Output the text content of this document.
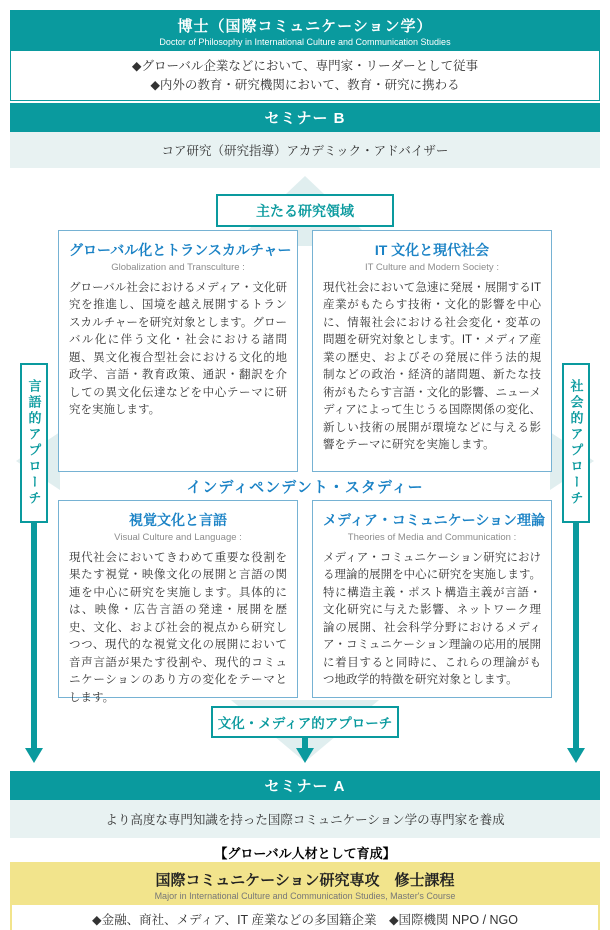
博士（国際コミュニケーション学）
Doctor of Philosophy in International Culture and Communication Studies
◆グローバル企業などにおいて、専門家・リーダーとして従事
◆内外の教育・研究機関において、教育・研究に携わる
セミナー B
コア研究（研究指導）アカデミック・アドバイザー
主たる研究領域
グローバル化とトランスカルチャー
Globalization and Transculture :
グローバル社会におけるメディア・文化研究を推進し、国境を越え展開するトランスカルチャーを研究対象とします。グローバル化に伴う文化・社会における諸問題、異文化複合型社会における文化的地政学、言語・教育政策、通訳・翻訳を介しての異文化伝達などを中心テーマに研究を実施します。
IT 文化と現代社会
IT Culture and Modern Society :
現代社会において急速に発展・展開するIT産業がもたらす技術・文化的影響を中心に、情報社会における社会変化・変革の問題を研究対象とします。IT・メディア産業の歴史、およびその発展に伴う法的規制などの政治・経済的諸問題、新たな技術がもたらす言語・文化的影響、ニューメディアによって生じうる国際関係の変化、新しい技術の展開が環境などに与える影響をテーマに研究を実施します。
インディペンデント・スタディー
視覚文化と言語
Visual Culture and Language :
現代社会においてきわめて重要な役割を果たす視覚・映像文化の展開と言語の関連を中心に研究を実施します。具体的には、映像・広告言語の発達・展開を歴史、文化、および社会的視点から研究しつつ、現代的な視覚文化の展開において音声言語が果たす役割や、現代的コミュニケーションのあり方の変化をテーマとします。
メディア・コミュニケーション理論
Theories of Media and Communication :
メディア・コミュニケーション研究における理論的展開を中心に研究を実施します。特に構造主義・ポスト構造主義が言語・文化研究に与えた影響、ネットワーク理論の展開、社会科学分野におけるメディア・コミュニケーション理論の応用的展開に着目すると同時に、これらの理論がもつ地政学的特徴を研究対象とします。
言語的アプローチ	社会的アプローチ
文化・メディア的アプローチ
セミナー A
より高度な専門知識を持った国際コミュニケーション学の専門家を養成
【グローバル人材として育成】
国際コミュニケーション研究専攻　修士課程
Major in International Culture and Communication Studies, Master's Course
◆金融、商社、メディア、IT 産業などの多国籍企業　◆国際機関 NPO / NGO
